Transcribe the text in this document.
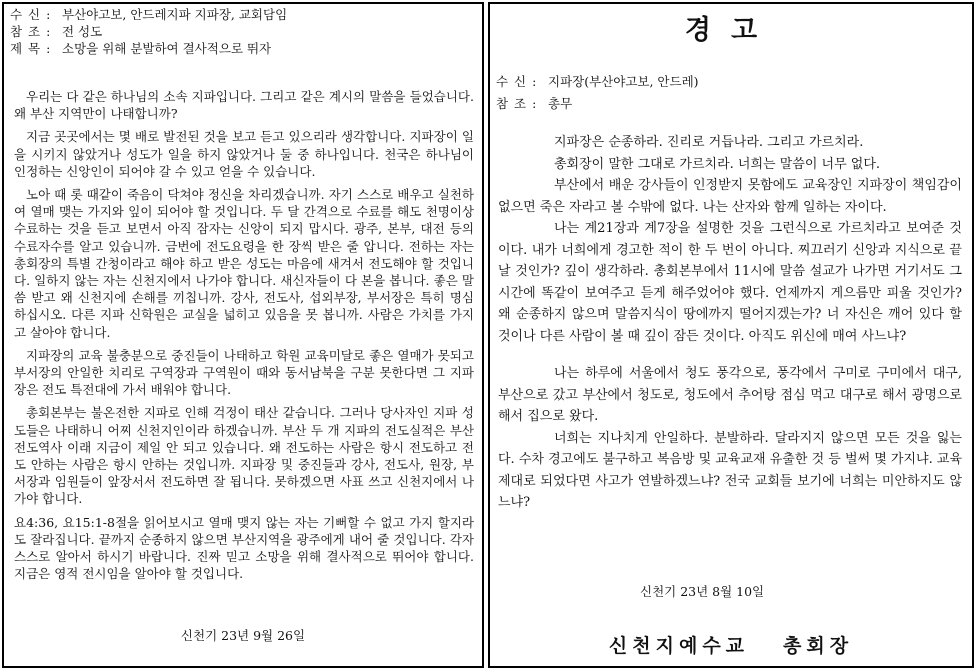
수 신 : 부산야고보, 안드레지파 지파장, 교회담임
참 조 : 전 성도
제 목 : 소망을 위해 분발하여 결사적으로 뛰자

우리는 다 같은 하나님의 소속 지파입니다. 그리고 같은 계시의 말씀을 들었습니다. 왜 부산 지역만이 나태합니까?

지금 곳곳에서는 몇 배로 발전된 것을 보고 듣고 있으리라 생각합니다. 지파장이 일을 시키지 않았거나 성도가 일을 하지 않았거나 둘 중 하나입니다. 천국은 하나님이 인정하는 신앙인이 되어야 갈 수 있고 얻을 수 있습니다.

노아 때 롯 때같이 죽음이 닥쳐야 정신을 차리겠습니까. 자기 스스로 배우고 실천하여 열매 맺는 가지와 잎이 되어야 할 것입니다. 두 달 간격으로 수료를 해도 천명이상 수료하는 것을 듣고 보면서 아직 잠자는 신앙이 되지 맙시다. 광주, 본부, 대전 등의 수료자수를 알고 있습니까. 금번에 전도요령을 한 장씩 받은 줄 압니다. 전하는 자는 총회장의 특별 간청이라고 해야 하고 받은 성도는 마음에 새겨서 전도해야 할 것입니다. 일하지 않는 자는 신천지에서 나가야 합니다. 새신자들이 다 본을 봅니다. 좋은 말씀 받고 왜 신천지에 손해를 끼칩니까. 강사, 전도사, 섭외부장, 부서장은 특히 명심 하십시오. 다른 지파 신학원은 교실을 넓히고 있음을 못 봅니까. 사람은 가치를 가지고 살아야 합니다.

지파장의 교육 불충분으로 중진들이 나태하고 학원 교육미달로 좋은 열매가 못되고 부서장의 안일한 치리로 구역장과 구역원이 때와 동서남북을 구분 못한다면 그 지파장은 전도 특전대에 가서 배워야 합니다.

총회본부는 불온전한 지파로 인해 걱정이 태산 같습니다. 그러나 당사자인 지파 성도들은 나태하니 어찌 신천지인이라 하겠습니까. 부산 두 개 지파의 전도실적은 부산 전도역사 이래 지금이 제일 안 되고 있습니다. 왜 전도하는 사람은 항시 전도하고 전도 안하는 사람은 항시 안하는 것입니까. 지파장 및 중진들과 강사, 전도사, 원장, 부서장과 임원들이 앞장서서 전도하면 잘 됩니다. 못하겠으면 사표 쓰고 신천지에서 나가야 합니다.

요4:36, 요15:1-8절을 읽어보시고 열매 맺지 않는 자는 기뻐할 수 없고 가지 할지라도 잘라집니다. 끝까지 순종하지 않으면 부산지역을 광주에게 내어 줄 것입니다. 각자 스스로 알아서 하시기 바랍니다. 진짜 믿고 소망을 위해 결사적으로 뛰어야 합니다. 지금은 영적 전시임을 알아야 할 것입니다.

신천기 23년 9월 26일
경고
수 신 : 지파장(부산야고보, 안드레)
참 조 : 총무

지파장은 순종하라. 진리로 거듭나라. 그리고 가르치라.

총회장이 말한 그대로 가르치라. 너희는 말씀이 너무 없다.

부산에서 배운 강사들이 인정받지 못함에도 교육장인 지파장이 책임감이 없으면 죽은 자라고 볼 수밖에 없다. 나는 산자와 함께 일하는 자이다.

나는 계21장과 계7장을 설명한 것을 그런식으로 가르치라고 보여준 것이다. 내가 너희에게 경고한 적이 한 두 번이 아니다. 찌끄러기 신앙과 지식으로 끝날 것인가? 깊이 생각하라. 총회본부에서 11시에 말씀 설교가 나가면 거기서도 그 시간에 똑같이 보여주고 듣게 해주었어야 했다. 언제까지 게으름만 피울 것인가? 왜 순종하지 않으며 말씀지식이 땅에까지 떨어지겠는가? 너 자신은 깨어 있다 할 것이나 다른 사람이 볼 때 깊이 잠든 것이다. 아직도 위신에 매여 사느냐?

나는 하루에 서울에서 청도 풍각으로, 풍각에서 구미로 구미에서 대구, 부산으로 갔고 부산에서 청도로, 청도에서 추어탕 점심 먹고 대구로 해서 광명으로 해서 집으로 왔다.

너희는 지나치게 안일하다. 분발하라. 달라지지 않으면 모든 것을 잃는다. 수차 경고에도 불구하고 복음방 및 교육교재 유출한 것 등 벌써 몇 가지냐. 교육 제대로 되었다면 사고가 연발하겠느냐? 전국 교회들 보기에 너희는 미안하지도 않느냐?

신천기 23년 8월 10일
신천지예수교 총회장
